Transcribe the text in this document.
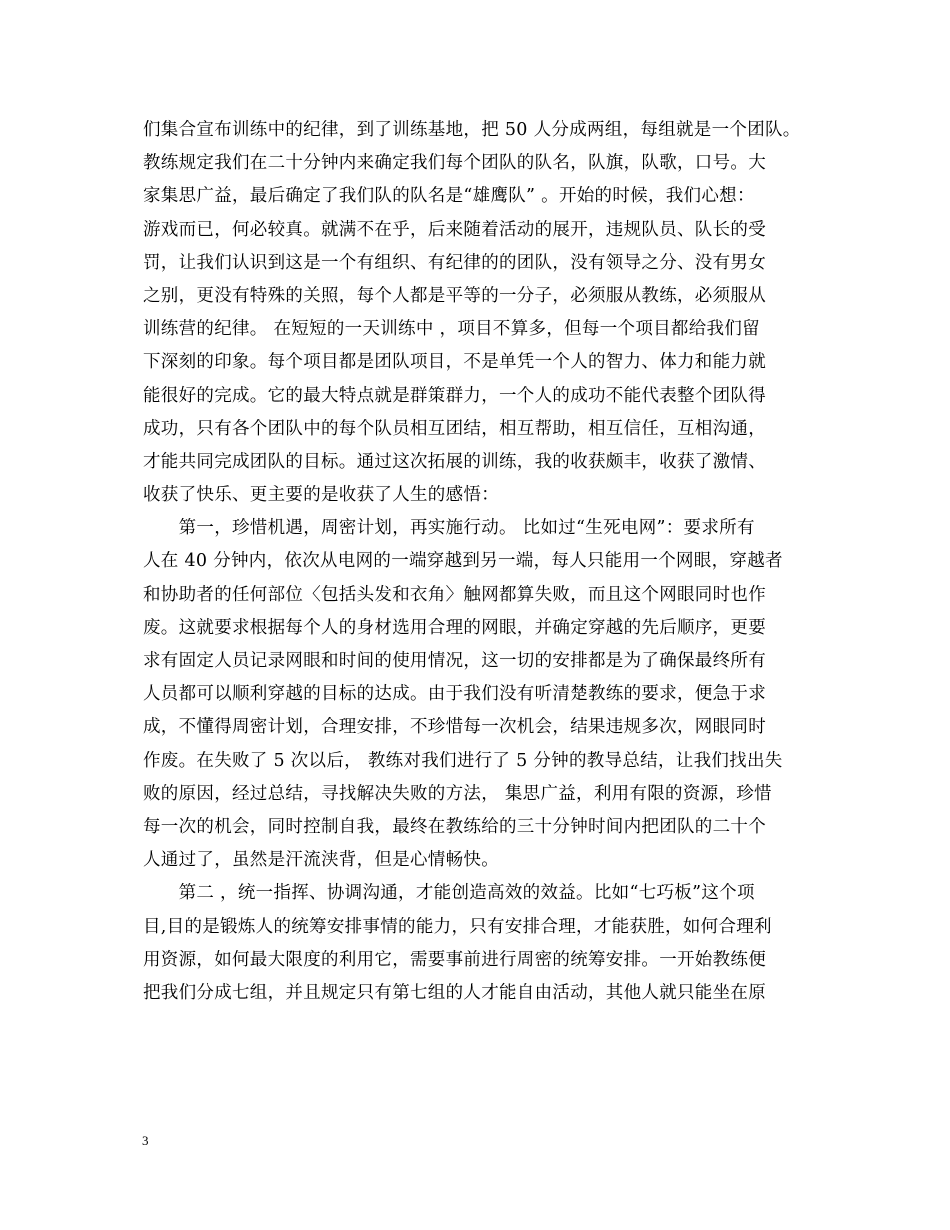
们集合宣布训练中的纪律，到了训练基地，把 50 人分成两组，每组就是一个团队。
教练规定我们在二十分钟内来确定我们每个团队的队名，队旗，队歌，口号。大
家集思广益，最后确定了我们队的队名是“雄鹰队” 。开始的时候，我们心想：
游戏而已，何必较真。就满不在乎，后来随着活动的展开，违规队员、队长的受
罚，让我们认识到这是一个有组织、有纪律的的团队，没有领导之分、没有男女
之别，更没有特殊的关照，每个人都是平等的一分子，必须服从教练，必须服从
训练营的纪律。 在短短的一天训练中 ，项目不算多，但每一个项目都给我们留
下深刻的印象。每个项目都是团队项目，不是单凭一个人的智力、体力和能力就
能很好的完成。它的最大特点就是群策群力，一个人的成功不能代表整个团队得
成功，只有各个团队中的每个队员相互团结，相互帮助，相互信任，互相沟通，
才能共同完成团队的目标。通过这次拓展的训练，我的收获颇丰，收获了激情、
收获了快乐、更主要的是收获了人生的感悟：
　　第一，珍惜机遇，周密计划，再实施行动。 比如过“生死电网”：要求所有
人在 40 分钟内，依次从电网的一端穿越到另一端，每人只能用一个网眼，穿越者
和协助者的任何部位〈包括头发和衣角〉触网都算失败，而且这个网眼同时也作
废。这就要求根据每个人的身材选用合理的网眼，并确定穿越的先后顺序，更要
求有固定人员记录网眼和时间的使用情况，这一切的安排都是为了确保最终所有
人员都可以顺利穿越的目标的达成。由于我们没有听清楚教练的要求，便急于求
成，不懂得周密计划，合理安排，不珍惜每一次机会，结果违规多次，网眼同时
作废。在失败了 5 次以后， 教练对我们进行了 5 分钟的教导总结，让我们找出失
败的原因，经过总结，寻找解决失败的方法， 集思广益，利用有限的资源，珍惜
每一次的机会，同时控制自我，最终在教练给的三十分钟时间内把团队的二十个
人通过了，虽然是汗流浃背，但是心情畅快。
　　第二 ，统一指挥、协调沟通，才能创造高效的效益。比如“七巧板”这个项
目,目的是锻炼人的统筹安排事情的能力，只有安排合理，才能获胜，如何合理利
用资源，如何最大限度的利用它，需要事前进行周密的统筹安排。一开始教练便
把我们分成七组，并且规定只有第七组的人才能自由活动，其他人就只能坐在原
3
